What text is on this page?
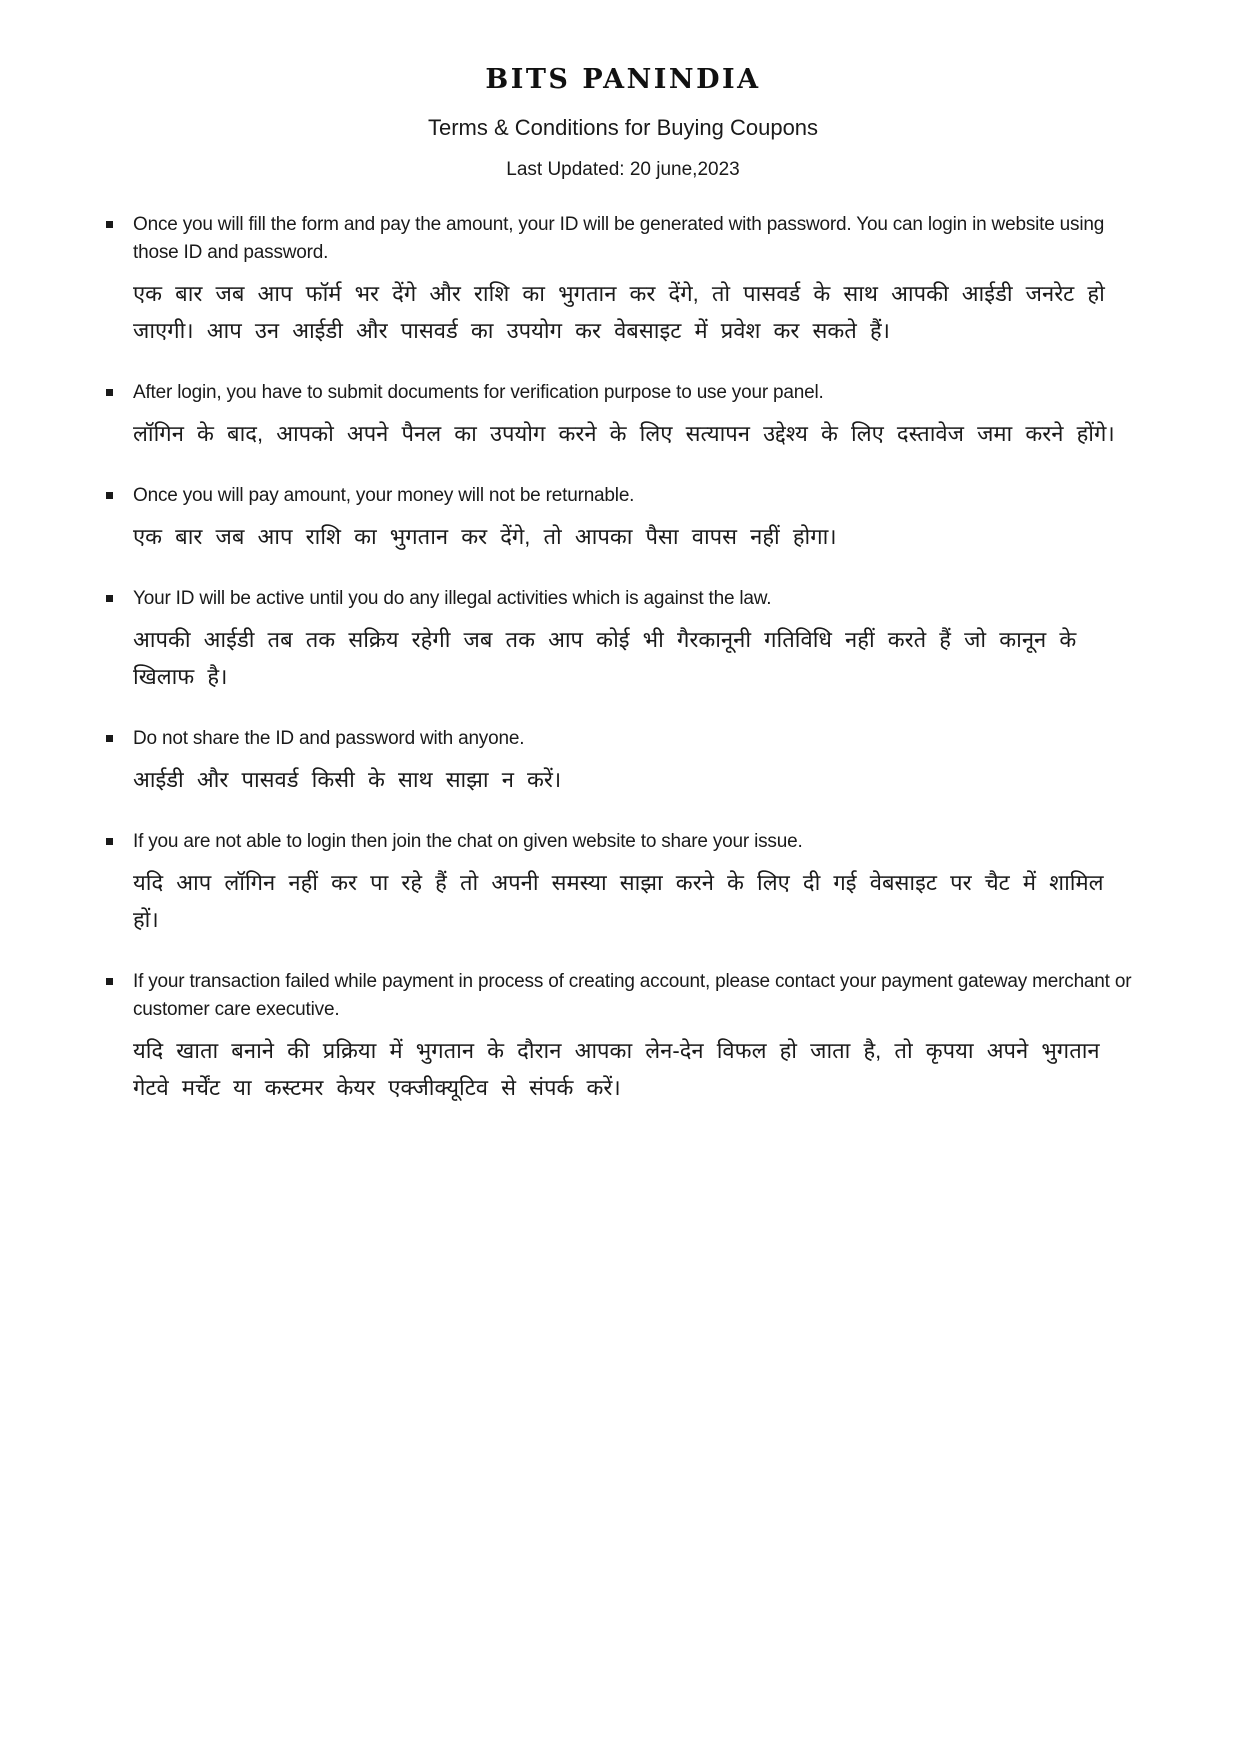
BITS PANINDIA
Terms & Conditions for Buying Coupons

Last Updated: 20 june,2023

Once you will fill the form and pay the amount, your ID will be generated with password. You can login in website using those ID and password.

एक बार जब आप फॉर्म भर देंगे और राशि का भुगतान कर देंगे, तो पासवर्ड के साथ आपकी आईडी जनरेट हो जाएगी। आप उन आईडी और पासवर्ड का उपयोग कर वेबसाइट में प्रवेश कर सकते हैं।

After login, you have to submit documents for verification purpose to use your panel.

लॉगिन के बाद, आपको अपने पैनल का उपयोग करने के लिए सत्यापन उद्देश्य के लिए दस्तावेज जमा करने होंगे।

Once you will pay amount, your money will not be returnable.

एक बार जब आप राशि का भुगतान कर देंगे, तो आपका पैसा वापस नहीं होगा।

Your ID will be active until you do any illegal activities which is against the law.

आपकी आईडी तब तक सक्रिय रहेगी जब तक आप कोई भी गैरकानूनी गतिविधि नहीं करते हैं जो कानून के खिलाफ है।

Do not share the ID and password with anyone.

आईडी और पासवर्ड किसी के साथ साझा न करें।

If you are not able to login then join the chat on given website to share your issue.

यदि आप लॉगिन नहीं कर पा रहे हैं तो अपनी समस्या साझा करने के लिए दी गई वेबसाइट पर चैट में शामिल हों।

If your transaction failed while payment in process of creating account, please contact your payment gateway merchant or customer care executive.

यदि खाता बनाने की प्रक्रिया में भुगतान के दौरान आपका लेन-देन विफल हो जाता है, तो कृपया अपने भुगतान गेटवे मर्चेंट या कस्टमर केयर एक्जीक्यूटिव से संपर्क करें।
